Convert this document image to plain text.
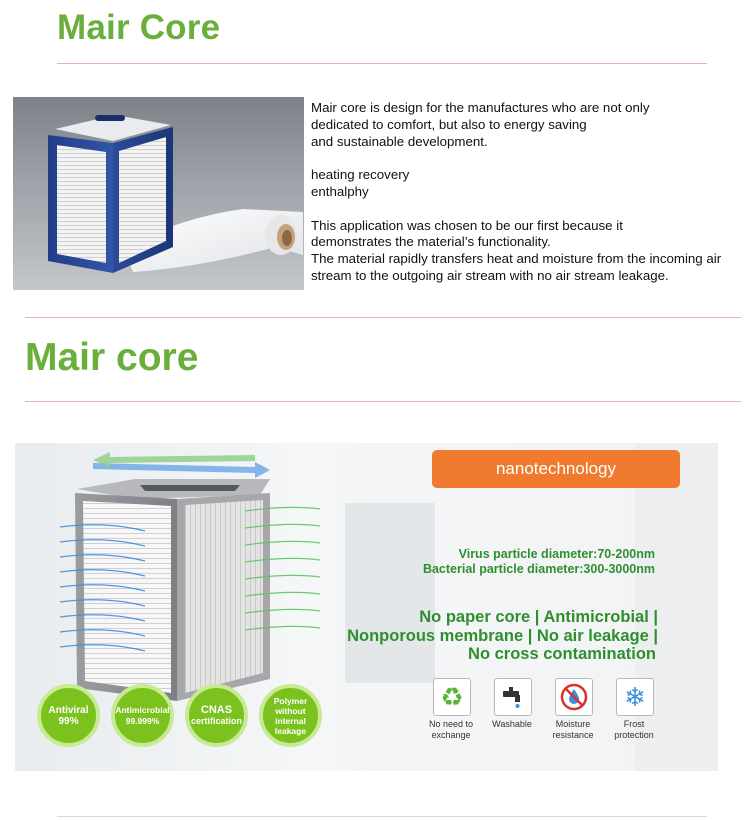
Mair Core

Mair core is design for the manufactures who are not only

dedicated to comfort, but also to energy saving

and sustainable development.

heating recovery

enthalphy

This application was chosen to be our first because it

demonstrates the material’s functionality.

The material rapidly transfers heat and moisture from the incoming air

stream to the outgoing air stream with no air stream leakage.

Mair core
nanotechnology
Virus particle diameter:70-200nm
Bacterial particle diameter:300-3000nm
No paper core | Antimicrobial |
Nonporous membrane | No air leakage |
No cross contamination
Antiviral
99%
Antimicrobial
99.999%
CNAS
certification
Polymer
without
internal
leakage
♻
No need to
exchange
Washable	Moisture
resistance
❄
Frost
protection
